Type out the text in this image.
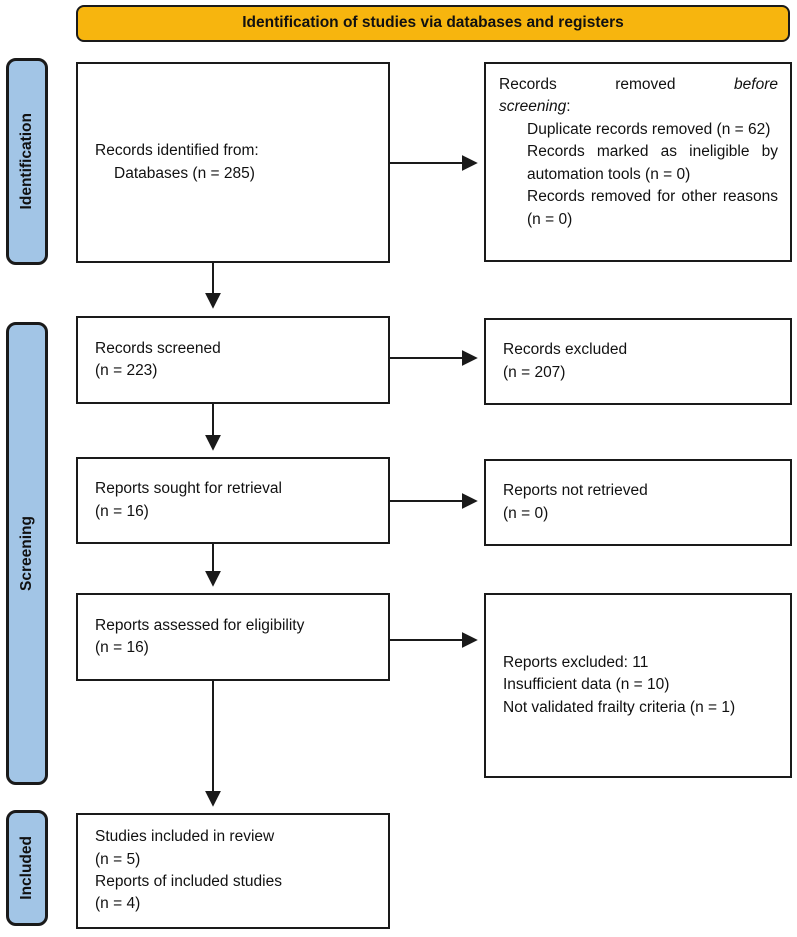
Identification of studies via databases and registers
Identification
Screening
Included
Records identified from:
Databases (n = 285)
Records screened
(n = 223)
Reports sought for retrieval
(n = 16)
Reports assessed for eligibility
(n = 16)
Studies included in review
(n = 5)
Reports of included studies
(n = 4)
Records	removed	before
screening:
Duplicate records removed (n = 62)
Records marked as ineligible by automation tools (n = 0)
Records removed for other reasons (n = 0)
Records excluded
(n = 207)
Reports not retrieved
(n = 0)
Reports excluded: 11
Insufficient data (n = 10)
Not validated frailty criteria (n = 1)
